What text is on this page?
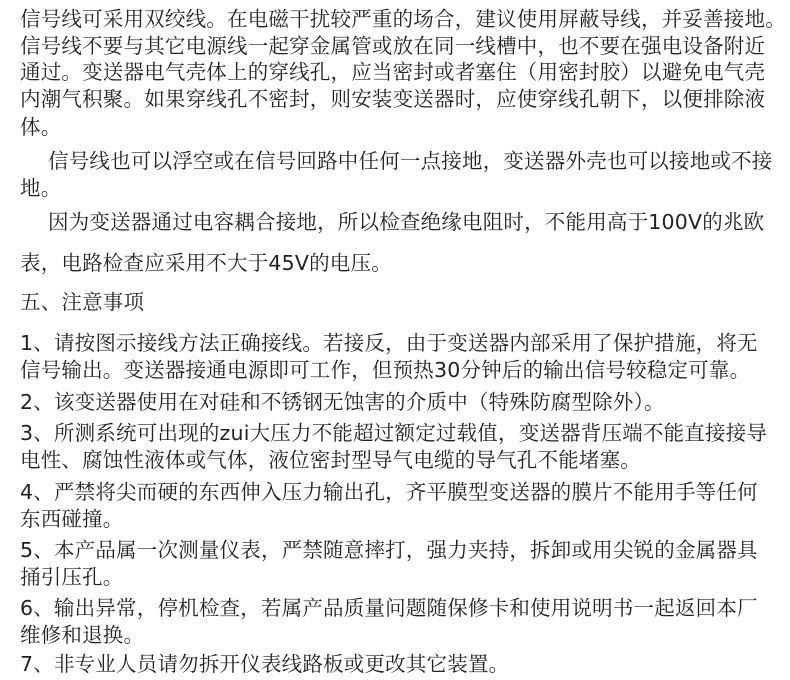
信号线可采用双绞线。在电磁干扰较严重的场合，建议使用屏蔽导线，并妥善接地。
信号线不要与其它电源线一起穿金属管或放在同一线槽中，也不要在强电设备附近
通过。变送器电气壳体上的穿线孔，应当密封或者塞住（用密封胶）以避免电气壳
内潮气积聚。如果穿线孔不密封，则安装变送器时，应使穿线孔朝下，以便排除液
体。
信号线也可以浮空或在信号回路中任何一点接地，变送器外壳也可以接地或不接
地。
因为变送器通过电容耦合接地，所以检查绝缘电阻时，不能用高于100V的兆欧
表，电路检查应采用不大于45V的电压。
五、注意事项
1、请按图示接线方法正确接线。若接反，由于变送器内部采用了保护措施，将无
信号输出。变送器接通电源即可工作，但预热30分钟后的输出信号较稳定可靠。
2、该变送器使用在对硅和不锈钢无蚀害的介质中（特殊防腐型除外）。
3、所测系统可出现的zui大压力不能超过额定过载值，变送器背压端不能直接接导
电性、腐蚀性液体或气体，液位密封型导气电缆的导气孔不能堵塞。
4、严禁将尖而硬的东西伸入压力输出孔，齐平膜型变送器的膜片不能用手等任何
东西碰撞。
5、本产品属一次测量仪表，严禁随意摔打，强力夹持，拆卸或用尖锐的金属器具
捅引压孔。
6、输出异常，停机检查，若属产品质量问题随保修卡和使用说明书一起返回本厂
维修和退换。
7、非专业人员请勿拆开仪表线路板或更改其它装置。
